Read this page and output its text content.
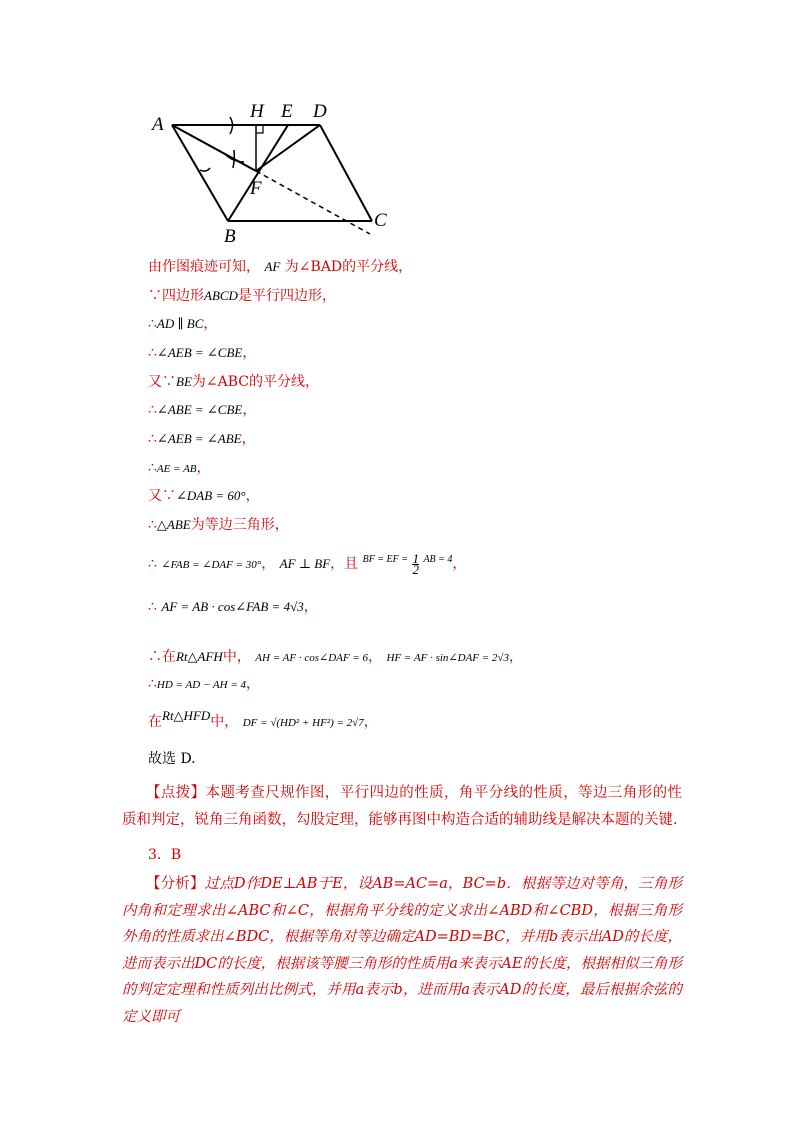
A
H E D
F
B
C
由作图痕迹可知， AF 为∠BAD的平分线，
∵四边形ABCD是平行四边形，
∴AD ∥ BC，
∴∠AEB = ∠CBE，
又∵BE为∠ABC的平分线，
∴∠ABE = ∠CBE，
∴∠AEB = ∠ABE，
∴AE = AB，
又∵∠DAB = 60°，
∴△ABE为等边三角形，
∴ ∠FAB = ∠DAF = 30°， AF ⊥ BF，且 $^{BF = EF =} \frac{1}{2} ^{AB = 4}$，
∴ AF = AB · cos∠FAB = 4√3，
∴在Rt△AFH中， AH = AF · cos∠DAF = 6， HF = AF · sin∠DAF = 2√3，
∴HD = AD − AH = 4，
在Rt△HFD中， DF = √(HD² + HF²) = 2√7，
故选 D.

【点拨】本题考查尺规作图，平行四边的性质，角平分线的性质，等边三角形的性质和判定，锐角三角函数，勾股定理，能够再图中构造合适的辅助线是解决本题的关键.

3．B

【分析】过点D作DE⊥AB于E，设AB=AC=a，BC=b．根据等边对等角，三角形内角和定理求出∠ABC和∠C，根据角平分线的定义求出∠ABD和∠CBD，根据三角形外角的性质求出∠BDC，根据等角对等边确定AD=BD=BC，并用b表示出AD的长度，进而表示出DC的长度，根据该等腰三角形的性质用a来表示AE的长度，根据相似三角形的判定定理和性质列出比例式，并用a表示b，进而用a表示AD的长度，最后根据余弦的定义即可
